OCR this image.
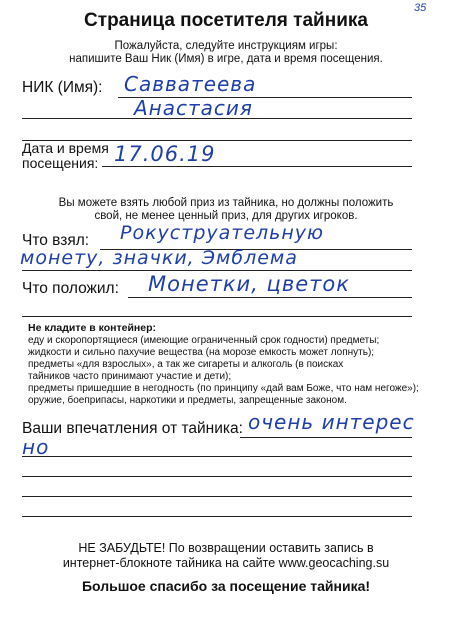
35
Страница посетителя тайника
Пожалуйста, следуйте инструкциям игры:
напишите Ваш Ник (Имя) в игре, дата и время посещения.
НИК (Имя): Савватеева
Анастасия
Дата и время
посещения: 17.06.19
Вы можете взять любой приз из тайника, но должны положить
свой, не менее ценный приз, для других игроков.
Что взял: Рокуструательную
монету, значки, Эмблема
Что положил: Монетки, цветок
Не кладите в контейнер:
еду и скоропортящиеся (имеющие ограниченный срок годности) предметы;
жидкости и сильно пахучие вещества (на морозе емкость может лопнуть);
предметы «для взрослых», а так же сигареты и алкоголь (в поисках
тайников часто принимают участие и дети);
предметы пришедшие в негодность (по принципу «дай вам Боже, что нам негоже»);
оружие, боеприпасы, наркотики и предметы, запрещенные законом.
Ваши впечатления от тайника: очень интерес
но
НЕ ЗАБУДЬТЕ! По возвращении оставить запись в
интернет-блокноте тайника на сайте www.geocaching.su
Большое спасибо за посещение тайника!
